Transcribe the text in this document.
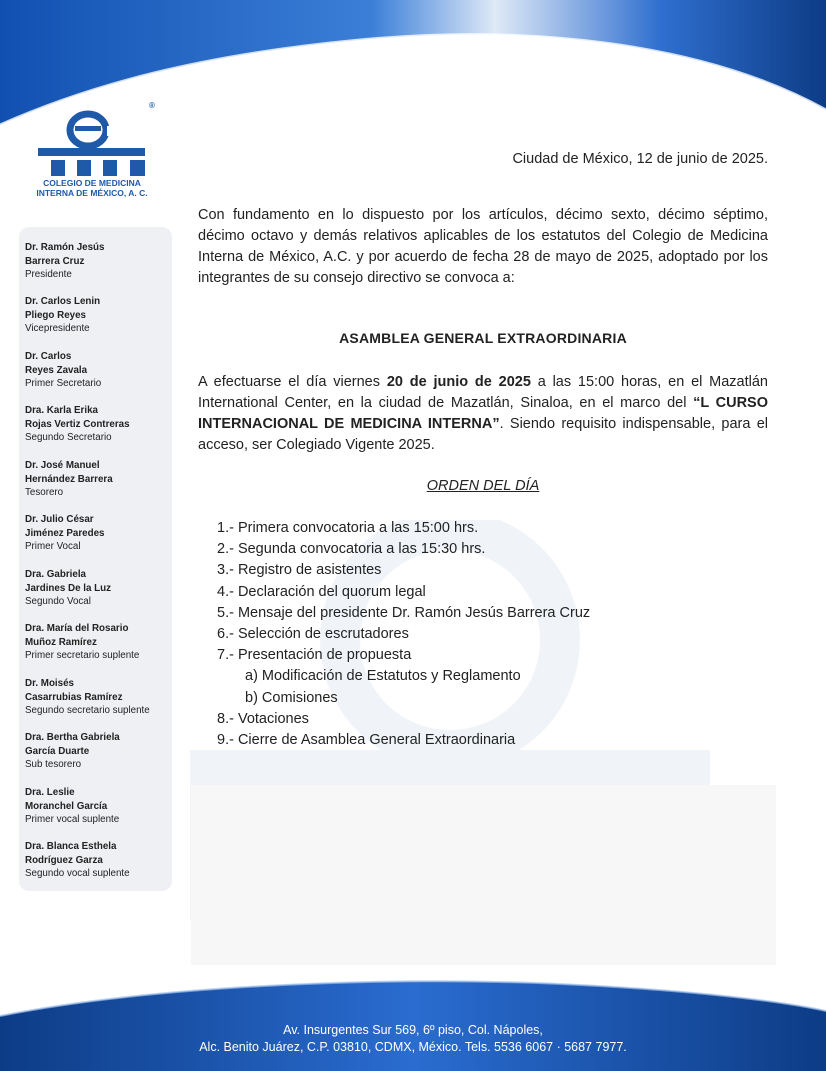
®
COLEGIO DE MEDICINA
INTERNA DE MÉXICO, A. C.
Dr. Ramón Jesús
Barrera Cruz
Presidente
Dr. Carlos Lenin
Pliego Reyes
Vicepresidente
Dr. Carlos
Reyes Zavala
Primer Secretario
Dra. Karla Erika
Rojas Vertiz Contreras
Segundo Secretario
Dr. José Manuel
Hernández Barrera
Tesorero
Dr. Julio César
Jiménez Paredes
Primer Vocal
Dra. Gabriela
Jardines De la Luz
Segundo Vocal
Dra. María del Rosario
Muñoz Ramírez
Primer secretario suplente
Dr. Moisés
Casarrubias Ramírez
Segundo secretario suplente
Dra. Bertha Gabriela
García Duarte
Sub tesorero
Dra. Leslie
Moranchel García
Primer vocal suplente
Dra. Blanca Esthela
Rodríguez Garza
Segundo vocal suplente
Ciudad de México, 12 de junio de 2025.
Con fundamento en lo dispuesto por los artículos, décimo sexto, décimo séptimo, décimo octavo y demás relativos aplicables de los estatutos del Colegio de Medicina Interna de México, A.C. y por acuerdo de fecha 28 de mayo de 2025, adoptado por los integrantes de su consejo directivo se convoca a:
ASAMBLEA GENERAL EXTRAORDINARIA
A efectuarse el día viernes 20 de junio de 2025 a las 15:00 horas, en el Mazatlán International Center, en la ciudad de Mazatlán, Sinaloa, en el marco del “L CURSO INTERNACIONAL DE MEDICINA INTERNA”. Siendo requisito indispensable, para el acceso, ser Colegiado Vigente 2025.
ORDEN DEL DÍA
1.- Primera convocatoria a las 15:00 hrs.
2.- Segunda convocatoria a las 15:30 hrs.
3.- Registro de asistentes
4.- Declaración del quorum legal
5.- Mensaje del presidente Dr. Ramón Jesús Barrera Cruz
6.- Selección de escrutadores
7.- Presentación de propuesta
a) Modificación de Estatutos y Reglamento
b) Comisiones
8.- Votaciones
9.- Cierre de Asamblea General Extraordinaria
Av. Insurgentes Sur 569, 6º piso, Col. Nápoles,
Alc. Benito Juárez, C.P. 03810, CDMX, México. Tels. 5536 6067 · 5687 7977.
